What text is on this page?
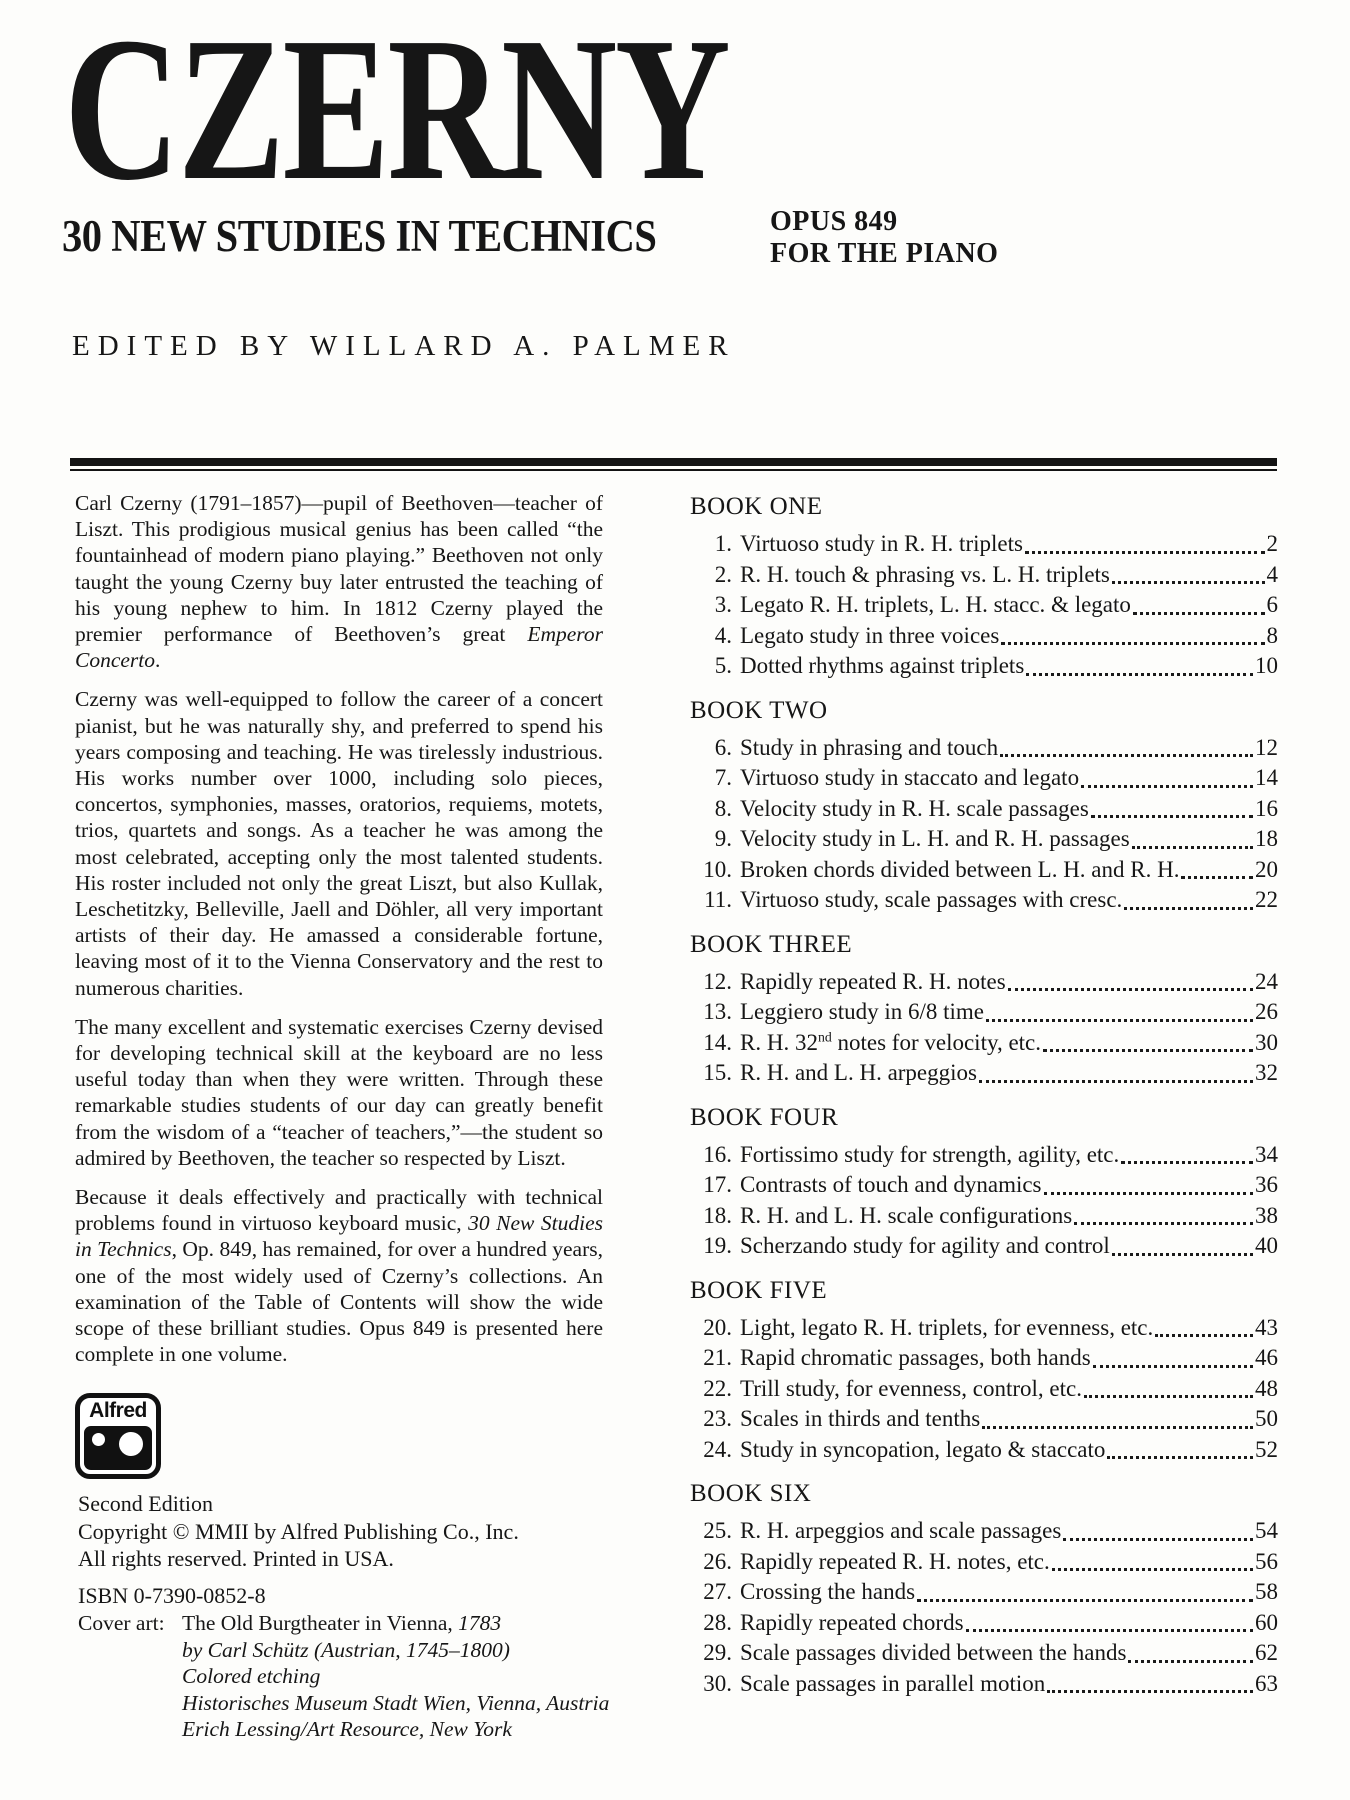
CZERNY
30 NEW STUDIES IN TECHNICS	OPUS 849
FOR THE PIANO
EDITED BY WILLARD A. PALMER

Carl Czerny (1791–1857)—pupil of Beethoven—teacher of Liszt. This prodigious musical genius has been called “the fountainhead of modern piano playing.” Beethoven not only taught the young Czerny buy later entrusted the teaching of his young nephew to him. In 1812 Czerny played the premier performance of Beethoven’s great Emperor Concerto.

Czerny was well-equipped to follow the career of a concert pianist, but he was naturally shy, and preferred to spend his years composing and teaching. He was tirelessly industrious. His works number over 1000, including solo pieces, concertos, symphonies, masses, oratorios, requiems, motets, trios, quartets and songs. As a teacher he was among the most celebrated, accepting only the most talented students. His roster included not only the great Liszt, but also Kullak, Leschetitzky, Belleville, Jaell and Döhler, all very important artists of their day. He amassed a considerable fortune, leaving most of it to the Vienna Conservatory and the rest to numerous charities.

The many excellent and systematic exercises Czerny devised for developing technical skill at the keyboard are no less useful today than when they were written. Through these remarkable studies students of our day can greatly benefit from the wisdom of a “teacher of teachers,”—the student so admired by Beethoven, the teacher so respected by Liszt.

Because it deals effectively and practically with technical problems found in virtuoso keyboard music, 30 New Studies in Technics, Op. 849, has remained, for over a hundred years, one of the most widely used of Czerny’s collections. An examination of the Table of Contents will show the wide scope of these brilliant studies. Opus 849 is presented here complete in one volume.

BOOK ONE
1. Virtuoso study in R. H. triplets	2
2. R. H. touch & phrasing vs. L. H. triplets	4
3. Legato R. H. triplets, L. H. stacc. & legato	6
4. Legato study in three voices	8
5. Dotted rhythms against triplets	10
BOOK TWO
6. Study in phrasing and touch	12
7. Virtuoso study in staccato and legato	14
8. Velocity study in R. H. scale passages	16
9. Velocity study in L. H. and R. H. passages	18
10. Broken chords divided between L. H. and R. H.	20
11. Virtuoso study, scale passages with cresc.	22
BOOK THREE
12. Rapidly repeated R. H. notes	24
13. Leggiero study in 6/8 time	26
14. R. H. 32nd notes for velocity, etc.	30
15. R. H. and L. H. arpeggios	32
BOOK FOUR
16. Fortissimo study for strength, agility, etc.	34
17. Contrasts of touch and dynamics	36
18. R. H. and L. H. scale configurations	38
19. Scherzando study for agility and control	40
BOOK FIVE
20. Light, legato R. H. triplets, for evenness, etc.	43
21. Rapid chromatic passages, both hands	46
22. Trill study, for evenness, control, etc.	48
23. Scales in thirds and tenths	50
24. Study in syncopation, legato & staccato	52
BOOK SIX
25. R. H. arpeggios and scale passages	54
26. Rapidly repeated R. H. notes, etc.	56
27. Crossing the hands	58
28. Rapidly repeated chords	60
29. Scale passages divided between the hands	62
30. Scale passages in parallel motion	63
Alfred
Second Edition
Copyright © MMII by Alfred Publishing Co., Inc.
All rights reserved. Printed in USA.
ISBN 0-7390-0852-8
Cover art: The Old Burgtheater in Vienna, 1783
by Carl Schütz (Austrian, 1745–1800)
Colored etching
Historisches Museum Stadt Wien, Vienna, Austria
Erich Lessing/Art Resource, New York
